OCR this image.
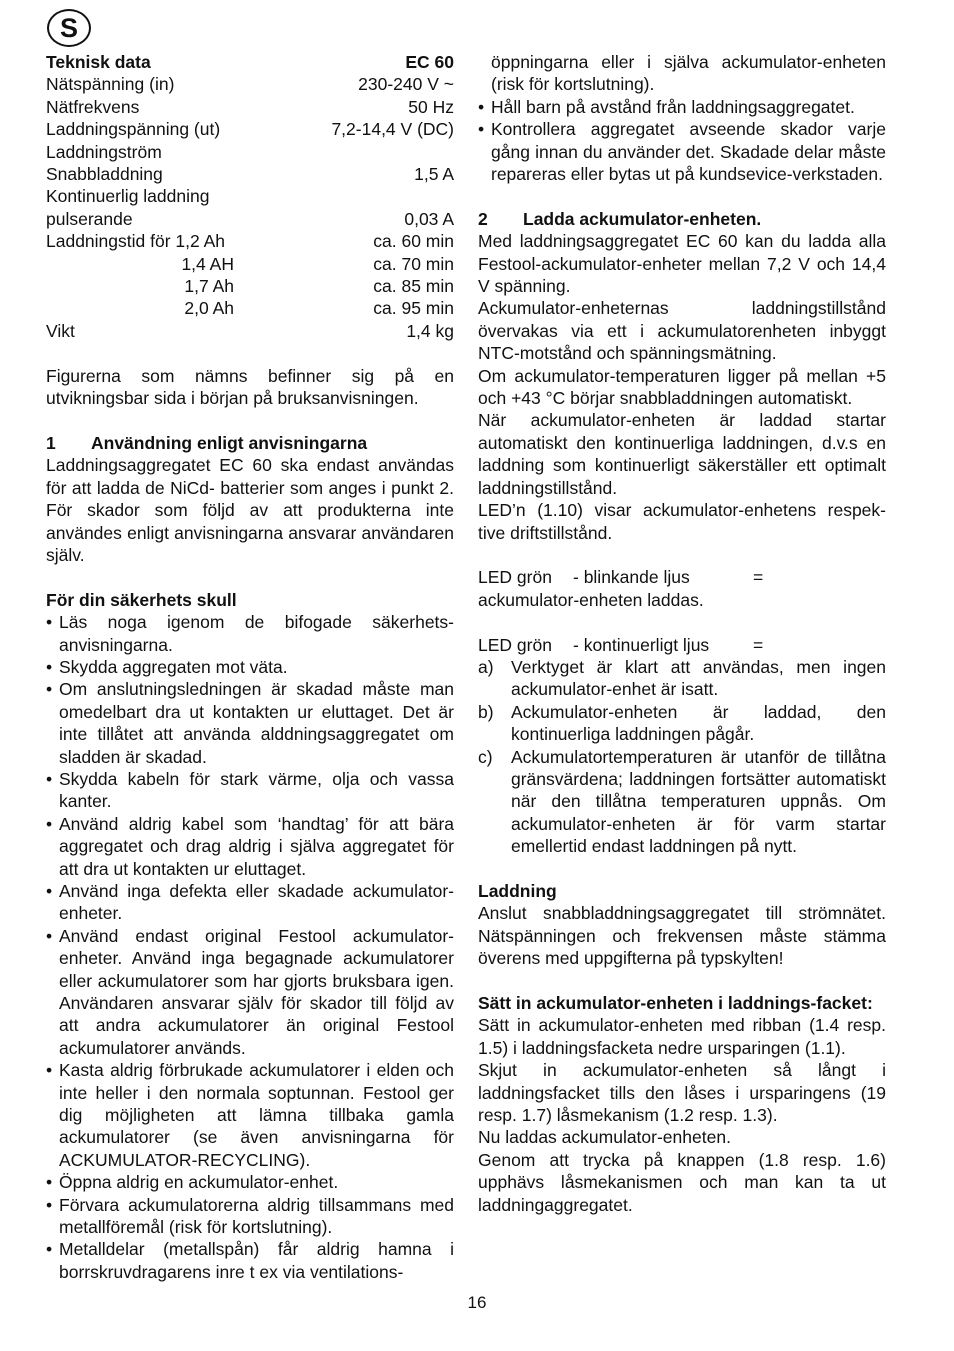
S
Teknisk data	EC 60
Nätspänning (in)	230-240 V ~
Nätfrekvens	50 Hz
Laddningspänning (ut)	7,2-14,4 V (DC)
Laddningström
Snabbladdning	1,5 A
Kontinuerlig laddning
pulserande	0,03 A
Laddningstid för 1,2 Ah	ca. 60 min
1,4 AH	ca. 70 min
1,7 Ah	ca. 85 min
2,0 Ah	ca. 95 min
Vikt	1,4 kg

Figurerna som nämns befinner sig på en utvikningsbar sida i början på bruksanvisningen.

1	Användning enligt anvisningarna

Laddningsaggregatet EC 60 ska endast användas för att ladda de NiCd- batterier som anges i punkt 2. För skador som följd av att produkterna inte användes enligt anvisningarna ansvarar användaren själv.

För din säkerhets skull
• Läs noga igenom de bifogade säkerhets-anvisningarna.
• Skydda aggregaten mot väta.
• Om anslutningsledningen är skadad måste man omedelbart dra ut kontakten ur eluttaget. Det är inte tillåtet att använda alddningsaggregatet om sladden är skadad.
• Skydda kabeln för stark värme, olja och vassa kanter.
• Använd aldrig kabel som ‘handtag’ för att bära aggregatet och drag aldrig i själva aggregatet för att dra ut kontakten ur eluttaget.
• Använd inga defekta eller skadade ackumulator-enheter.
• Använd endast original Festool ackumulator-enheter. Använd inga begagnade ackumulatorer eller ackumulatorer som har gjorts bruksbara igen. Användaren ansvarar själv för skador till följd av att andra ackumulatorer än original Festool ackumulatorer används.
• Kasta aldrig förbrukade ackumulatorer i elden och inte heller i den normala soptunnan. Festool ger dig möjligheten att lämna tillbaka gamla ackumulatorer (se även anvisningarna för ACKUMULATOR-RECYCLING).
• Öppna aldrig en ackumulator-enhet.
• Förvara ackumulatorerna aldrig tillsammans med metallföremål (risk för kortslutning).
• Metalldelar (metallspån) får aldrig hamna i borrskruvdragarens inre t ex via ventilations-
öppningarna eller i själva ackumulator-enheten (risk för kortslutning).
• Håll barn på avstånd från laddningsaggregatet.
• Kontrollera aggregatet avseende skador varje gång innan du använder det. Skadade delar måste repareras eller bytas ut på kundsevice-verkstaden.
2	Ladda ackumulator-enheten.

Med laddningsaggregatet EC 60 kan du ladda alla Festool-ackumulator-enheter mellan 7,2 V och 14,4 V spänning.

Ackumulator-enheternas laddningstillstånd övervakas via ett i ackumulatorenheten inbyggt NTC-motstånd och spänningsmätning.

Om ackumulator-temperaturen ligger på mellan +5 och +43 °C börjar snabbladdningen automatiskt.

När ackumulator-enheten är laddad startar automatiskt den kontinuerliga laddningen, d.v.s en laddning som kontinuerligt säkerställer ett optimalt laddningstillstånd.

LED’n (1.10) visar ackumulator-enhetens respek-tive driftstillstånd.

LED grön	- blinkande ljus	=

ackumulator-enheten laddas.

LED grön	- kontinuerligt ljus	=
a) Verktyget är klart att användas, men ingen ackumulator-enhet är isatt.
b) Ackumulator-enheten är laddad, den kontinuerliga laddningen pågår.
c)	Ackumulatortemperaturen är utanför de tillåtna gränsvärdena; laddningen fortsätter automatiskt när den tillåtna temperaturen uppnås. Om ackumulator-enheten är för varm startar emellertid endast laddningen på nytt.
Laddning

Anslut snabbladdningsaggregatet till strömnätet. Nätspänningen och frekvensen måste stämma överens med uppgifterna på typskylten!

Sätt in ackumulator-enheten i laddnings-facket:

Sätt in ackumulator-enheten med ribban (1.4 resp. 1.5) i laddningsfacketa nedre ursparingen (1.1).

Skjut in ackumulator-enheten så långt i laddningsfacket tills den låses i ursparingens (19 resp. 1.7) låsmekanism (1.2 resp. 1.3).

Nu laddas ackumulator-enheten.

Genom att trycka på knappen (1.8 resp. 1.6) upphävs låsmekanismen och man kan ta ut laddningaggregatet.

16
